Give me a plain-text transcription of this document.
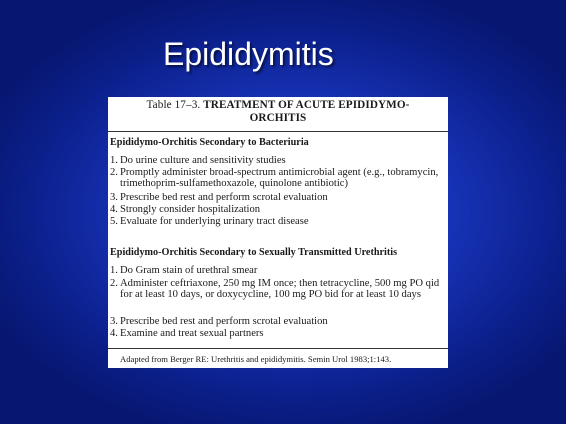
Epididymitis
Table 17–3. TREATMENT OF ACUTE EPIDIDYMO-
ORCHITIS
Epididymo-Orchitis Secondary to Bacteriuria
1. Do urine culture and sensitivity studies
2. Promptly administer broad-spectrum antimicrobial agent (e.g., tobramycin, trimethoprim-sulfamethoxazole, quinolone antibiotic)
3. Prescribe bed rest and perform scrotal evaluation
4. Strongly consider hospitalization
5. Evaluate for underlying urinary tract disease
Epididymo-Orchitis Secondary to Sexually Transmitted Urethritis
1. Do Gram stain of urethral smear
2. Administer ceftriaxone, 250 mg IM once; then tetracycline, 500 mg PO qid for at least 10 days, or doxycycline, 100 mg PO bid for at least 10 days
3. Prescribe bed rest and perform scrotal evaluation
4. Examine and treat sexual partners
Adapted from Berger RE: Urethritis and epididymitis. Semin Urol 1983;1:143.
